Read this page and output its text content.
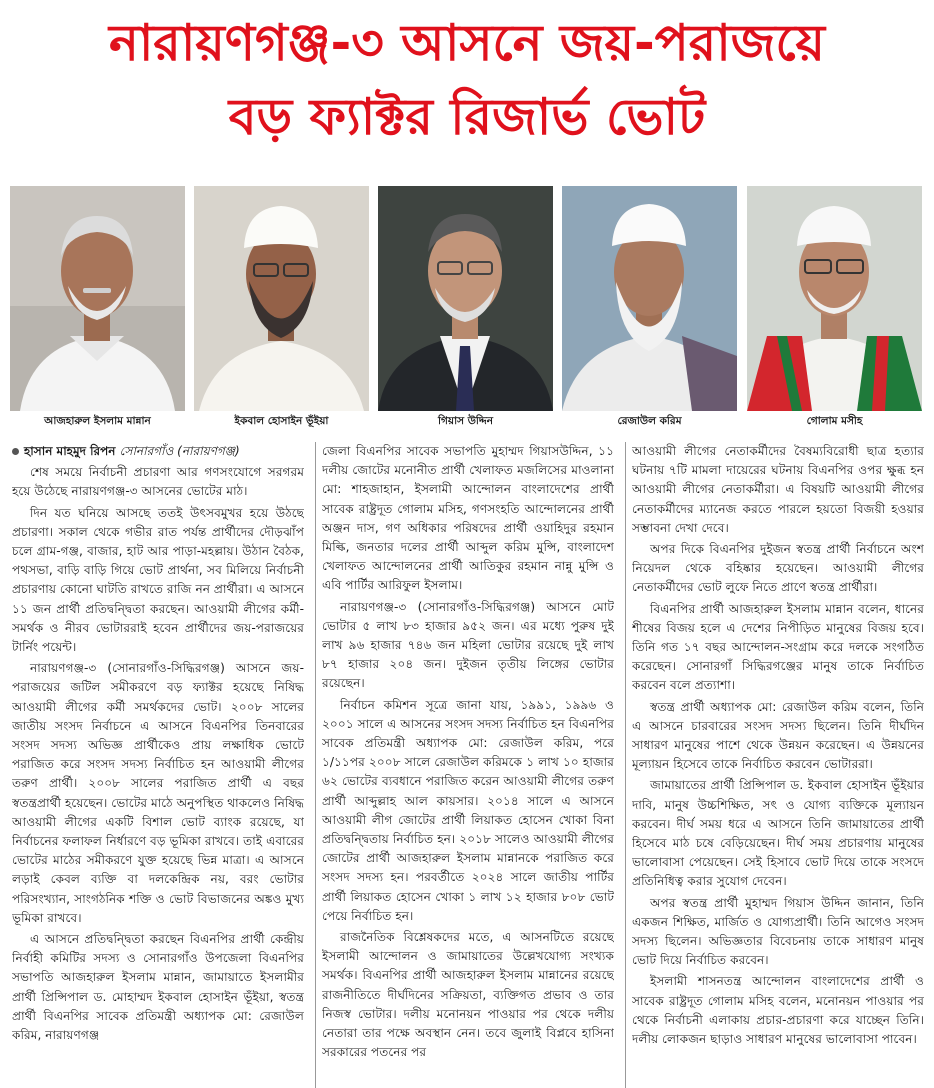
নারায়ণগঞ্জ-৩ আসনে জয়-পরাজয়ে
বড় ফ্যাক্টর রিজার্ভ ভোট
আজহারুল ইসলাম মান্নান	ইকবাল হোসাইন ভূঁইয়া	গিয়াস উদ্দিন	রেজাউল করিম	গোলাম মসীহ

হাসান মাহমুদ রিপন সোনারগাঁও (নারায়ণগঞ্জ)

শেষ সময়ে নির্বাচনী প্রচারণা আর গণসংযোগে সরগরম হয়ে উঠেছে নারায়ণগঞ্জ-৩ আসনের ভোটের মাঠ।

দিন যত ঘনিয়ে আসছে ততই উৎসবমুখর হয়ে উঠছে প্রচারণা। সকাল থেকে গভীর রাত পর্যন্ত প্রার্থীদের দৌড়ঝাঁপ চলে গ্রাম-গঞ্জ, বাজার, হাট আর পাড়া-মহল্লায়। উঠান বৈঠক, পথসভা, বাড়ি বাড়ি গিয়ে ভোট প্রার্থনা, সব মিলিয়ে নির্বাচনী প্রচারণায় কোনো ঘাটতি রাখতে রাজি নন প্রার্থীরা। এ আসনে ১১ জন প্রার্থী প্রতিদ্বন্দ্বিতা করছেন। আওয়ামী লীগের কর্মী-সমর্থক ও নীরব ভোটাররাই হবেন প্রার্থীদের জয়-পরাজয়ের টার্নিং পয়েন্ট।

নারায়ণগঞ্জ-৩ (সোনারগাঁও-সিদ্ধিরগঞ্জ) আসনে জয়-পরাজয়ের জটিল সমীকরণে বড় ফ্যাক্টর হয়েছে নিষিদ্ধ আওয়ামী লীগের কর্মী সমর্থকদের ভোট। ২০০৮ সালের জাতীয় সংসদ নির্বাচনে এ আসনে বিএনপির তিনবারের সংসদ সদস্য অভিজ্ঞ প্রার্থীকেও প্রায় লক্ষাধিক ভোটে পরাজিত করে সংসদ সদস্য নির্বাচিত হন আওয়ামী লীগের তরুণ প্রার্থী। ২০০৮ সালের পরাজিত প্রার্থী এ বছর স্বতন্ত্রপ্রার্থী হয়েছেন। ভোটের মাঠে অনুপস্থিত থাকলেও নিষিদ্ধ আওয়ামী লীগের একটি বিশাল ভোট ব্যাংক রয়েছে, যা নির্বাচনের ফলাফল নির্ধারণে বড় ভূমিকা রাখবে। তাই এবারের ভোটের মাঠের সমীকরণে যুক্ত হয়েছে ভিন্ন মাত্রা। এ আসনে লড়াই কেবল ব্যক্তি বা দলকেন্দ্রিক নয়, বরং ভোটার পরিসংখ্যান, সাংগঠনিক শক্তি ও ভোট বিভাজনের অঙ্কও মুখ্য ভূমিকা রাখবে।

এ আসনে প্রতিদ্বন্দ্বিতা করছেন বিএনপির প্রার্থী কেন্দ্রীয় নির্বাহী কমিটির সদস্য ও সোনারগাঁও উপজেলা বিএনপির সভাপতি আজহারুল ইসলাম মান্নান, জামায়াতে ইসলামীর প্রার্থী প্রিন্সিপাল ড. মোহাম্মদ ইকবাল হোসাইন ভূঁইয়া, স্বতন্ত্র প্রার্থী বিএনপির সাবেক প্রতিমন্ত্রী অধ্যাপক মো: রেজাউল করিম, নারায়ণগঞ্জ

জেলা বিএনপির সাবেক সভাপতি মুহাম্মদ গিয়াসউদ্দিন, ১১ দলীয় জোটের মনোনীত প্রার্থী খেলাফত মজলিসের মাওলানা মো: শাহজাহান, ইসলামী আন্দোলন বাংলাদেশের প্রার্থী সাবেক রাষ্ট্রদূত গোলাম মসিহ, গণসংহতি আন্দোলনের প্রার্থী অঞ্জন দাস, গণ অধিকার পরিষদের প্রার্থী ওয়াহিদুর রহমান মিল্কি, জনতার দলের প্রার্থী আব্দুল করিম মুন্সি, বাংলাদেশ খেলাফত আন্দোলনের প্রার্থী আতিকুর রহমান নান্নু মুন্সি ও এবি পার্টির আরিফুল ইসলাম।

নারায়ণগঞ্জ-৩ (সোনারগাঁও-সিদ্ধিরগঞ্জ) আসনে মোট ভোটার ৫ লাখ ৮৩ হাজার ৯৫২ জন। এর মধ্যে পুরুষ দুই লাখ ৯৬ হাজার ৭৪৬ জন মহিলা ভোটার রয়েছে দুই লাখ ৮৭ হাজার ২০৪ জন। দুইজন তৃতীয় লিঙ্গের ভোটার রয়েছেন।

নির্বাচন কমিশন সূত্রে জানা যায়, ১৯৯১, ১৯৯৬ ও ২০০১ সালে এ আসনের সংসদ সদস্য নির্বাচিত হন বিএনপির সাবেক প্রতিমন্ত্রী অধ্যাপক মো: রেজাউল করিম, পরে ১/১১পর ২০০৮ সালে রেজাউল করিমকে ১ লাখ ১০ হাজার ৬২ ভোটের ব্যবধানে পরাজিত করেন আওয়ামী লীগের তরুণ প্রার্থী আব্দুল্লাহ আল কায়সার। ২০১৪ সালে এ আসনে আওয়ামী লীগ জোটের প্রার্থী লিয়াকত হোসেন খোকা বিনা প্রতিদ্বন্দ্বিতায় নির্বাচিত হন। ২০১৮ সালেও আওয়ামী লীগের জোটের প্রার্থী আজহারুল ইসলাম মান্নানকে পরাজিত করে সংসদ সদস্য হন। পরবর্তীতে ২০২৪ সালে জাতীয় পার্টির প্রার্থী লিয়াকত হোসেন খোকা ১ লাখ ১২ হাজার ৮০৮ ভোট পেয়ে নির্বাচিত হন।

রাজনৈতিক বিশ্লেষকদের মতে, এ আসনটিতে রয়েছে ইসলামী আন্দোলন ও জামায়াতের উল্লেখযোগ্য সংখ্যক সমর্থক। বিএনপির প্রার্থী আজহারুল ইসলাম মান্নানের রয়েছে রাজনীতিতে দীর্ঘদিনের সক্রিয়তা, ব্যক্তিগত প্রভাব ও তার নিজস্ব ভোটার। দলীয় মনোনয়ন পাওয়ার পর থেকে দলীয় নেতারা তার পক্ষে অবস্থান নেন। তবে জুলাই বিপ্লবে হাসিনা সরকারের পতনের পর

আওয়ামী লীগের নেতাকর্মীদের বৈষম্যবিরোধী ছাত্র হত্যার ঘটনায় ৭টি মামলা দায়েরের ঘটনায় বিএনপির ওপর ক্ষুব্ধ হন আওয়ামী লীগের নেতাকর্মীরা। এ বিষয়টি আওয়ামী লীগের নেতাকর্মীদের ম্যানেজ করতে পারলে হয়তো বিজয়ী হওয়ার সম্ভাবনা দেখা দেবে।

অপর দিকে বিএনপির দুইজন স্বতন্ত্র প্রার্থী নির্বাচনে অংশ নিয়েদল থেকে বহিষ্কার হয়েছেন। আওয়ামী লীগের নেতাকর্মীদের ভোট লুফে নিতে প্রাণে স্বতন্ত্র প্রার্থীরা।

বিএনপির প্রার্থী আজহারুল ইসলাম মান্নান বলেন, ধানের শীষের বিজয় হলে এ দেশের নিপীড়িত মানুষের বিজয় হবে। তিনি গত ১৭ বছর আন্দোলন-সংগ্রাম করে দলকে সংগঠিত করেছেন। সোনারগাঁ সিদ্ধিরগঞ্জের মানুষ তাকে নির্বাচিত করবেন বলে প্রত্যাশা।

স্বতন্ত্র প্রার্থী অধ্যাপক মো: রেজাউল করিম বলেন, তিনি এ আসনে চারবারের সংসদ সদস্য ছিলেন। তিনি দীর্ঘদিন সাধারণ মানুষের পাশে থেকে উন্নয়ন করেছেন। এ উন্নয়নের মূল্যায়ন হিসেবে তাকে নির্বাচিত করবেন ভোটাররা।

জামায়াতের প্রার্থী প্রিন্সিপাল ড. ইকবাল হোসাইন ভূঁইয়ার দাবি, মানুষ উচ্চশিক্ষিত, সৎ ও যোগ্য ব্যক্তিকে মূল্যায়ন করবেন। দীর্ঘ সময় ধরে এ আসনে তিনি জামায়াতের প্রার্থী হিসেবে মাঠ চষে বেড়িয়েছেন। দীর্ঘ সময় প্রচারণায় মানুষের ভালোবাসা পেয়েছেন। সেই হিসাবে ভোট দিয়ে তাকে সংসদে প্রতিনিধিত্ব করার সুযোগ দেবেন।

অপর স্বতন্ত্র প্রার্থী মুহাম্মদ গিয়াস উদ্দিন জানান, তিনি একজন শিক্ষিত, মার্জিত ও যোগ্যপ্রার্থী। তিনি আগেও সংসদ সদস্য ছিলেন। অভিজ্ঞতার বিবেচনায় তাকে সাধারণ মানুষ ভোট দিয়ে নির্বাচিত করবেন।

ইসলামী শাসনতন্ত্র আন্দোলন বাংলাদেশের প্রার্থী ও সাবেক রাষ্ট্রদূত গোলাম মসিহ বলেন, মনোনয়ন পাওয়ার পর থেকে নির্বাচনী এলাকায় প্রচার-প্রচারণা করে যাচ্ছেন তিনি। দলীয় লোকজন ছাড়াও সাধারণ মানুষের ভালোবাসা পাবেন।
